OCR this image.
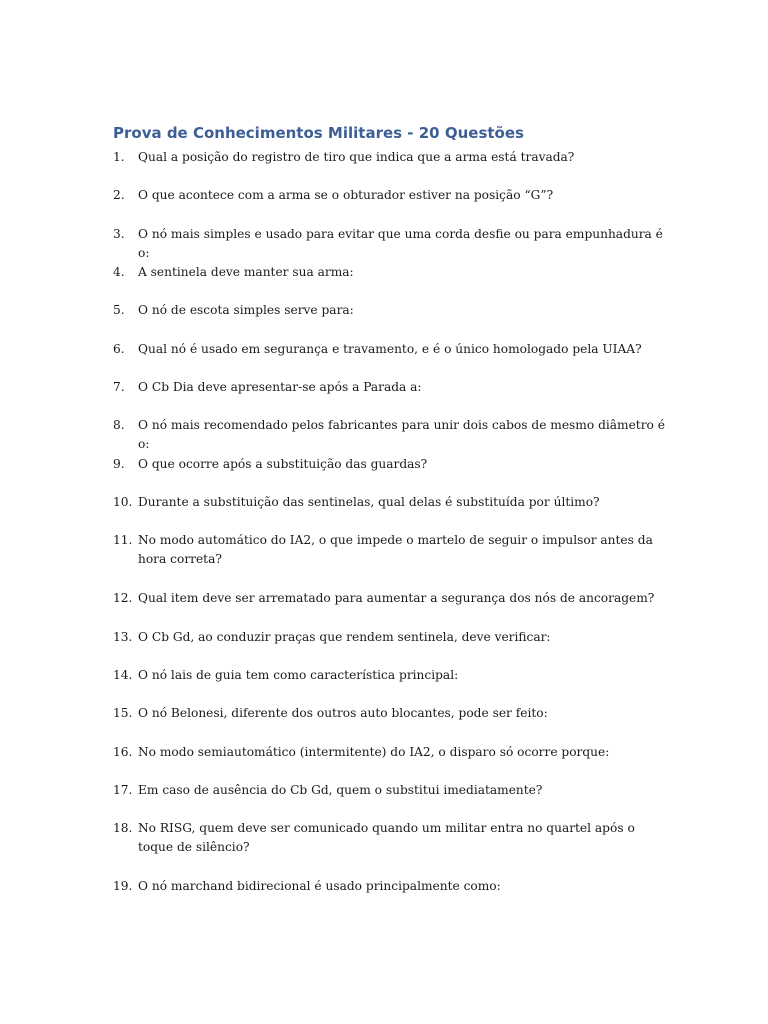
Prova de Conhecimentos Militares - 20 Questões
1.	Qual a posição do registro de tiro que indica que a arma está travada?
2.	O que acontece com a arma se o obturador estiver na posição “G”?
3.	O nó mais simples e usado para evitar que uma corda desfie ou para empunhadura é o:
4.	A sentinela deve manter sua arma:
5.	O nó de escota simples serve para:
6.	Qual nó é usado em segurança e travamento, e é o único homologado pela UIAA?
7.	O Cb Dia deve apresentar-se após a Parada a:
8.	O nó mais recomendado pelos fabricantes para unir dois cabos de mesmo diâmetro é o:
9.	O que ocorre após a substituição das guardas?
10. Durante a substituição das sentinelas, qual delas é substituída por último?
11. No modo automático do IA2, o que impede o martelo de seguir o impulsor antes da hora correta?
12. Qual item deve ser arrematado para aumentar a segurança dos nós de ancoragem?
13. O Cb Gd, ao conduzir praças que rendem sentinela, deve verificar:
14. O nó lais de guia tem como característica principal:
15. O nó Belonesi, diferente dos outros auto blocantes, pode ser feito:
16. No modo semiautomático (intermitente) do IA2, o disparo só ocorre porque:
17. Em caso de ausência do Cb Gd, quem o substitui imediatamente?
18. No RISG, quem deve ser comunicado quando um militar entra no quartel após o toque de silêncio?
19. O nó marchand bidirecional é usado principalmente como:
